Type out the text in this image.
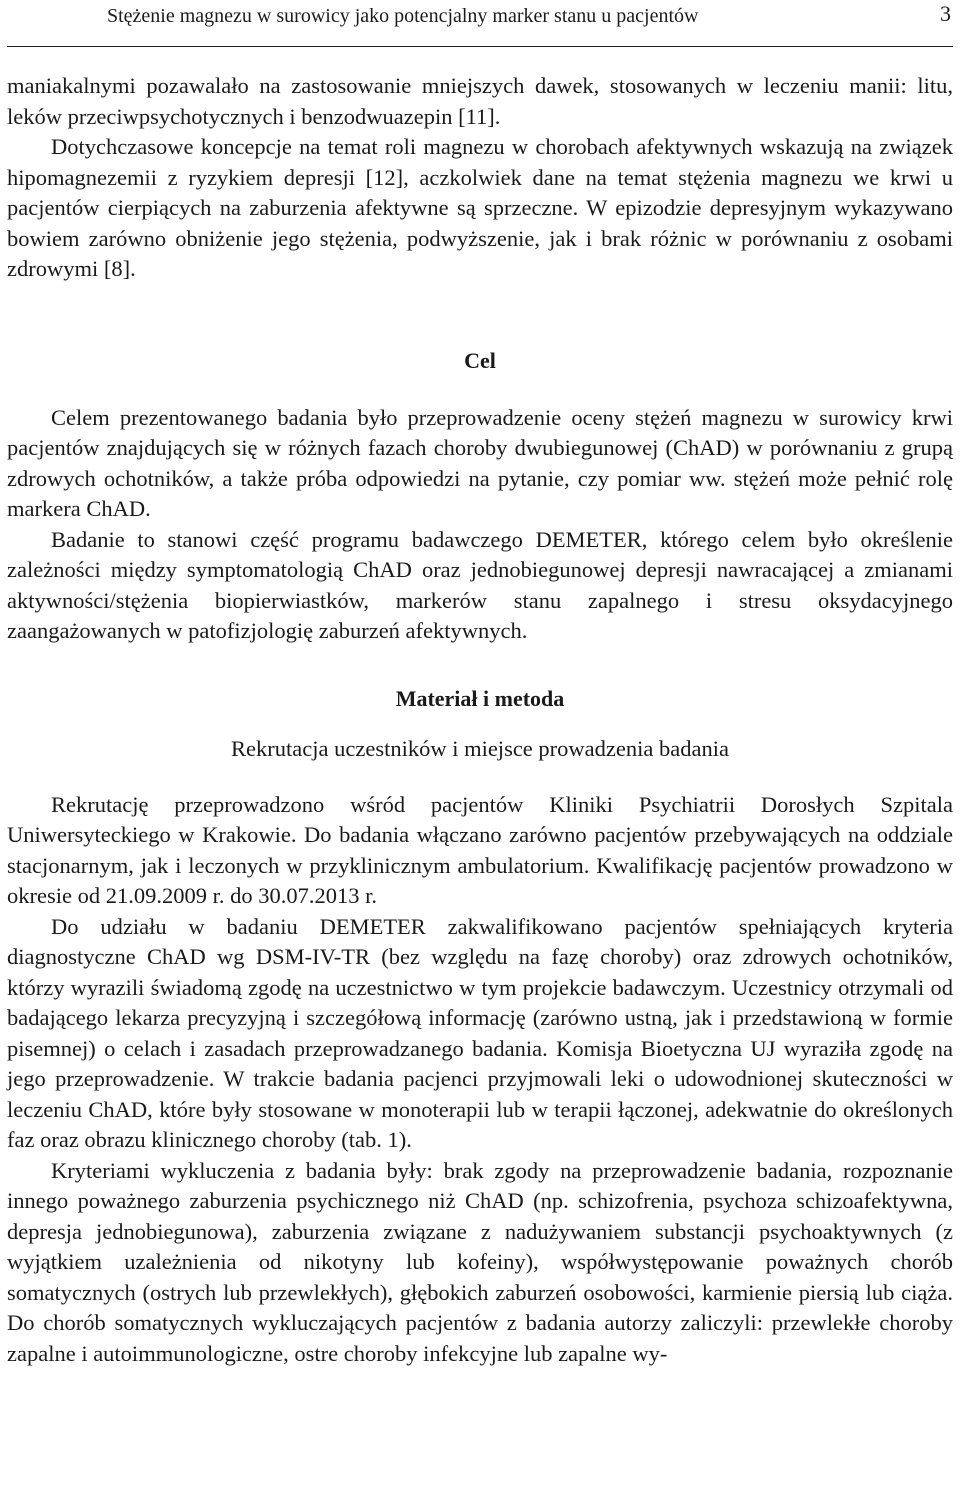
Stężenie magnezu w surowicy jako potencjalny marker stanu u pacjentów	3

maniakalnymi pozawalało na zastosowanie mniejszych dawek, stosowanych w leczeniu manii: litu, leków przeciwpsychotycznych i benzodwuazepin [11].

Dotychczasowe koncepcje na temat roli magnezu w chorobach afektywnych wskazują na związek hipomagnezemii z ryzykiem depresji [12], aczkolwiek dane na temat stężenia magnezu we krwi u pacjentów cierpiących na zaburzenia afektywne są sprzeczne. W epizodzie depresyjnym wykazywano bowiem zarówno obniżenie jego stężenia, podwyższenie, jak i brak różnic w porównaniu z osobami zdrowymi [8].

Cel

Celem prezentowanego badania było przeprowadzenie oceny stężeń magnezu w surowicy krwi pacjentów znajdujących się w różnych fazach choroby dwubiegunowej (ChAD) w porównaniu z grupą zdrowych ochotników, a także próba odpowiedzi na pytanie, czy pomiar ww. stężeń może pełnić rolę markera ChAD.

Badanie to stanowi część programu badawczego DEMETER, którego celem było określenie zależności między symptomatologią ChAD oraz jednobiegunowej depresji nawracającej a zmianami aktywności/stężenia biopierwiastków, markerów stanu zapalnego i stresu oksydacyjnego zaangażowanych w patofizjologię zaburzeń afektywnych.

Materiał i metoda
Rekrutacja uczestników i miejsce prowadzenia badania

Rekrutację przeprowadzono wśród pacjentów Kliniki Psychiatrii Dorosłych Szpitala Uniwersyteckiego w Krakowie. Do badania włączano zarówno pacjentów przebywających na oddziale stacjonarnym, jak i leczonych w przyklinicznym ambulatorium. Kwalifikację pacjentów prowadzono w okresie od 21.09.2009 r. do 30.07.2013 r.

Do udziału w badaniu DEMETER zakwalifikowano pacjentów spełniających kryteria diagnostyczne ChAD wg DSM-IV-TR (bez względu na fazę choroby) oraz zdrowych ochotników, którzy wyrazili świadomą zgodę na uczestnictwo w tym projekcie badawczym. Uczestnicy otrzymali od badającego lekarza precyzyjną i szczegółową informację (zarówno ustną, jak i przedstawioną w formie pisemnej) o celach i zasadach przeprowadzanego badania. Komisja Bioetyczna UJ wyraziła zgodę na jego przeprowadzenie. W trakcie badania pacjenci przyjmowali leki o udowodnionej skuteczności w leczeniu ChAD, które były stosowane w monoterapii lub w terapii łączonej, adekwatnie do określonych faz oraz obrazu klinicznego choroby (tab. 1).

Kryteriami wykluczenia z badania były: brak zgody na przeprowadzenie badania, rozpoznanie innego poważnego zaburzenia psychicznego niż ChAD (np. schizofrenia, psychoza schizoafektywna, depresja jednobiegunowa), zaburzenia związane z nadużywaniem substancji psychoaktywnych (z wyjątkiem uzależnienia od nikotyny lub kofeiny), współwystępowanie poważnych chorób somatycznych (ostrych lub przewlekłych), głębokich zaburzeń osobowości, karmienie piersią lub ciąża. Do chorób somatycznych wykluczających pacjentów z badania autorzy zaliczyli: przewlekłe choroby zapalne i autoimmunologiczne, ostre choroby infekcyjne lub zapalne wy-
